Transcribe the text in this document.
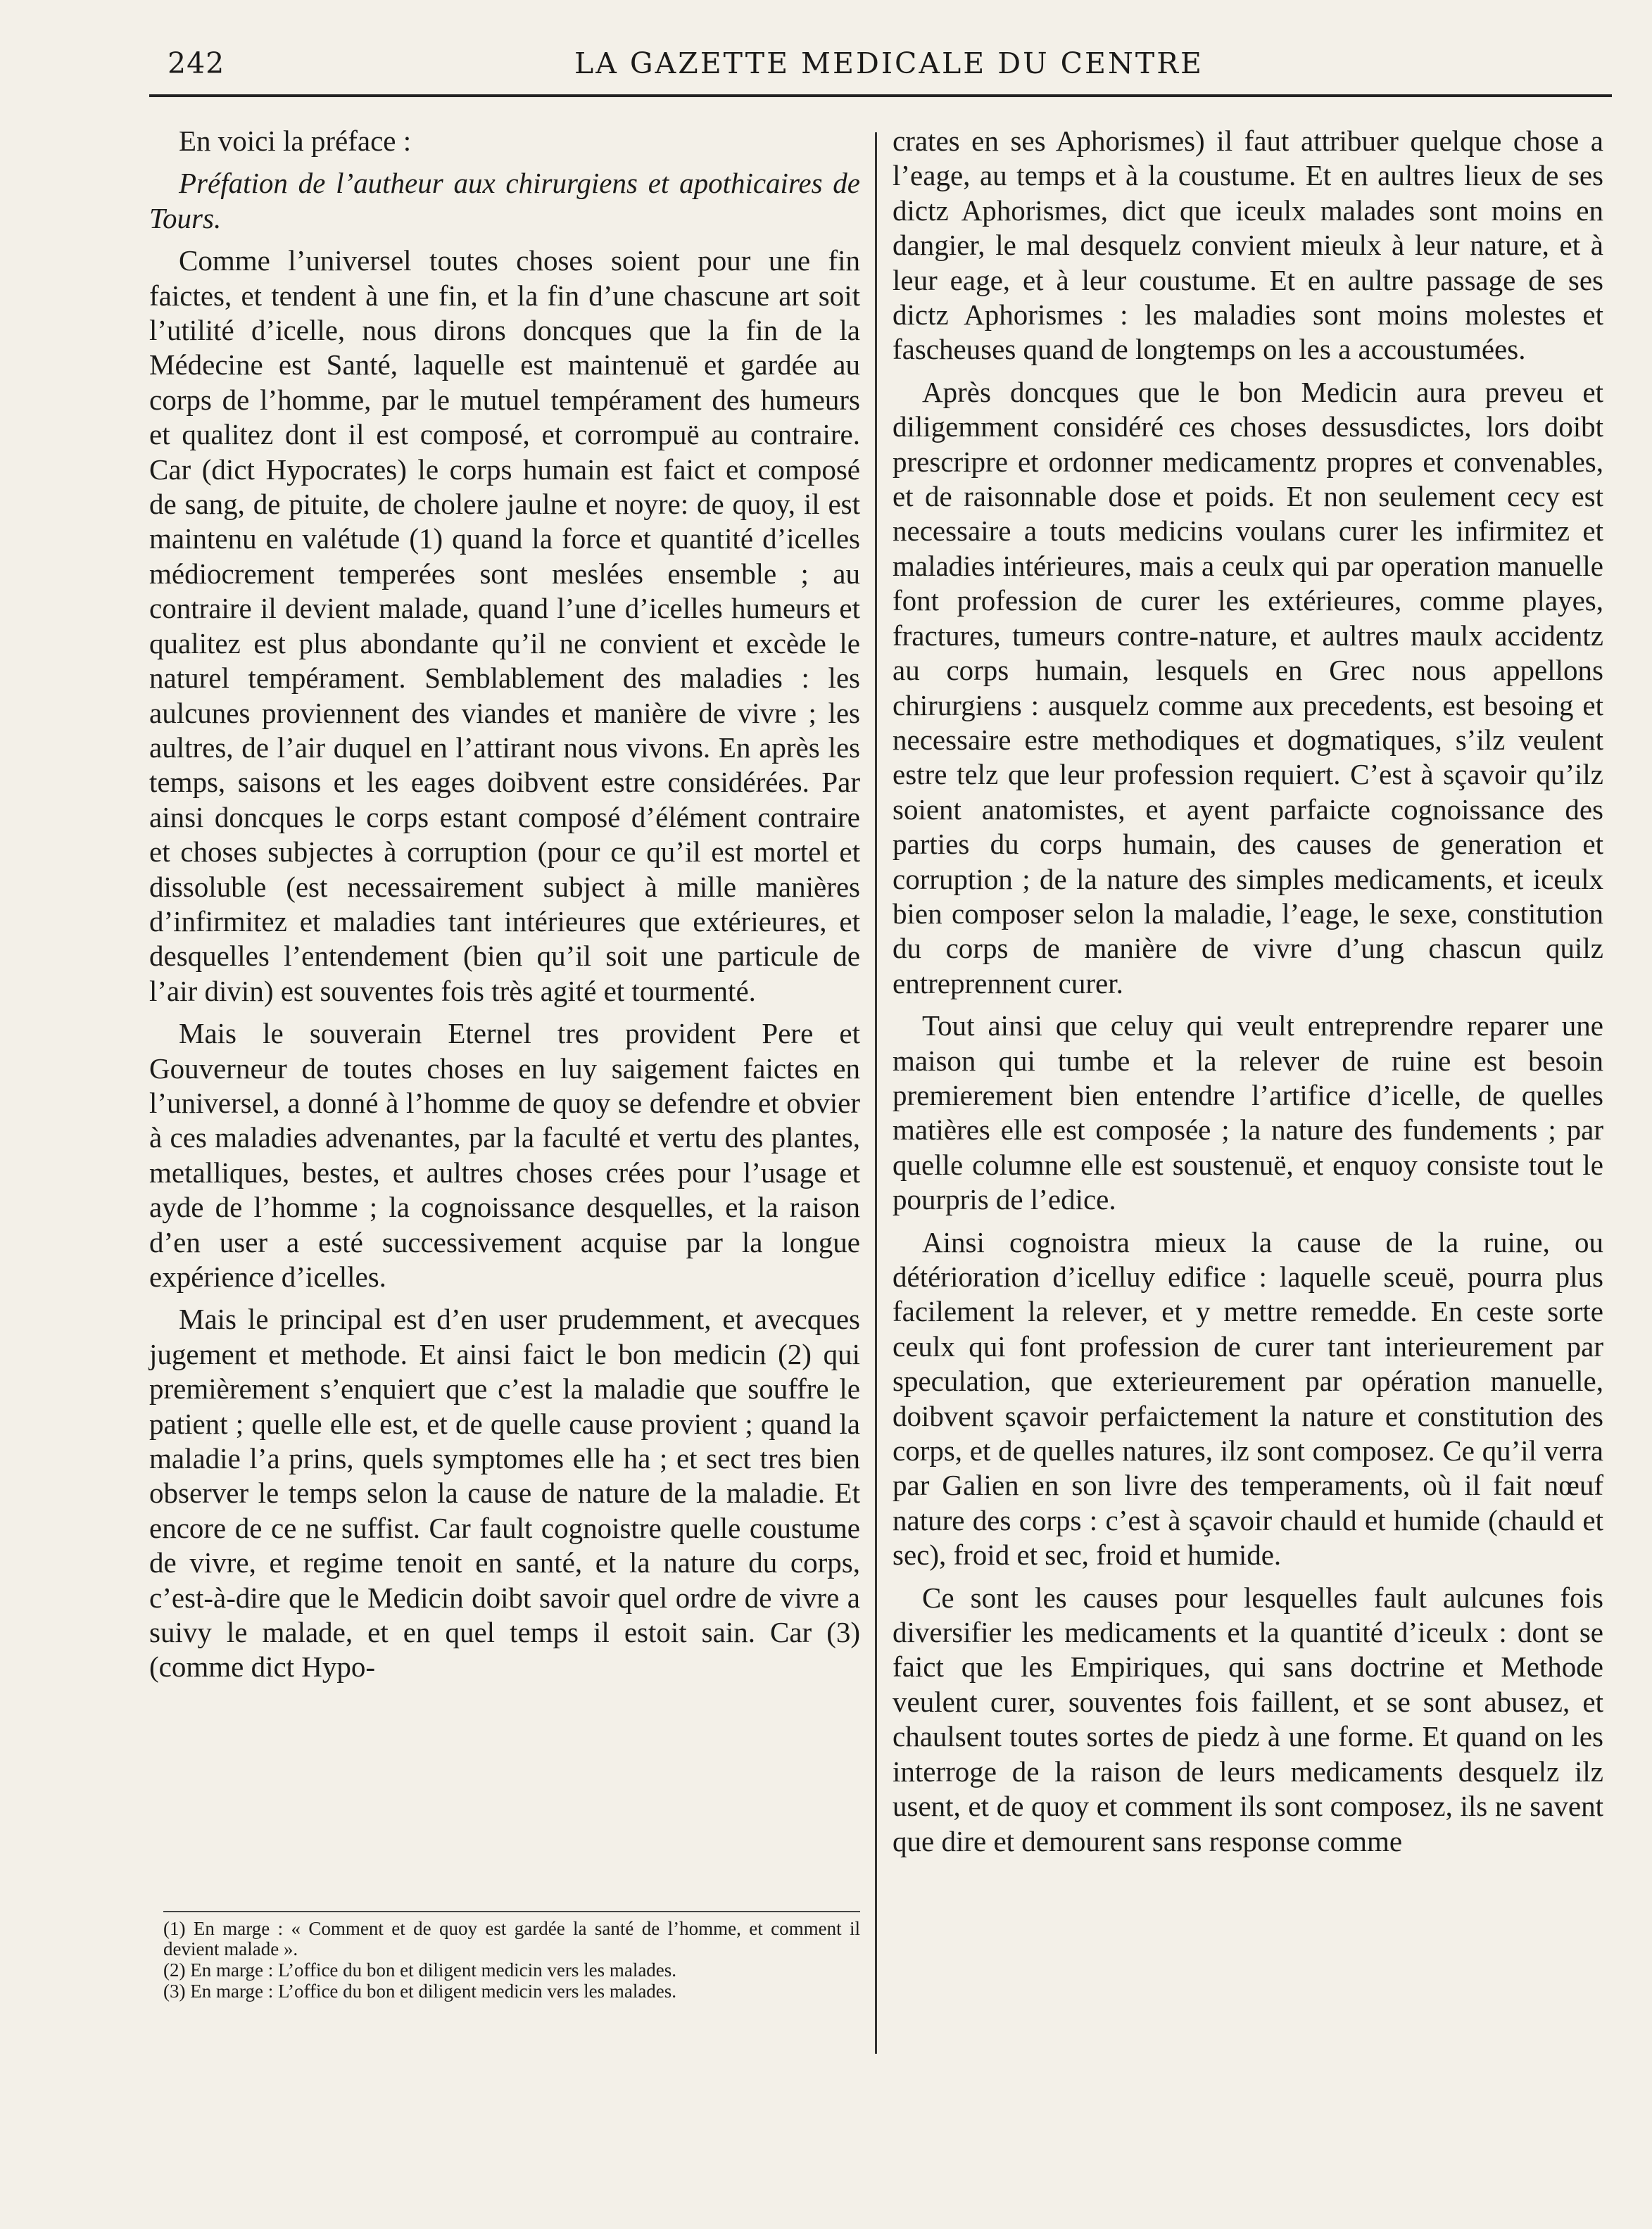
242	LA GAZETTE MEDICALE DU CENTRE

En voici la préface :

Préfation de l’autheur aux chirurgiens et apothicaires de Tours.

Comme l’universel toutes choses soient pour une fin faictes, et tendent à une fin, et la fin d’une chascune art soit l’utilité d’icelle, nous dirons doncques que la fin de la Médecine est Santé, laquelle est maintenuë et gardée au corps de l’homme, par le mutuel tempérament des humeurs et qualitez dont il est composé, et corrompuë au contraire. Car (dict Hypocrates) le corps humain est faict et composé de sang, de pituite, de cholere jaulne et noyre: de quoy, il est maintenu en valétude (1) quand la force et quantité d’icelles médiocrement temperées sont meslées ensemble ; au contraire il devient malade, quand l’une d’icelles humeurs et qualitez est plus abondante qu’il ne convient et excède le naturel tempérament. Semblablement des maladies : les aulcunes proviennent des viandes et manière de vivre ; les aultres, de l’air duquel en l’attirant nous vivons. En après les temps, saisons et les eages doibvent estre considérées. Par ainsi doncques le corps estant composé d’élément contraire et choses subjectes à corruption (pour ce qu’il est mortel et dissoluble (est necessairement subject à mille manières d’infirmitez et maladies tant intérieures que extérieures, et desquelles l’entendement (bien qu’il soit une particule de l’air divin) est souventes fois très agité et tourmenté.

Mais le souverain Eternel tres provident Pere et Gouverneur de toutes choses en luy saigement faictes en l’universel, a donné à l’homme de quoy se defendre et obvier à ces maladies advenantes, par la faculté et vertu des plantes, metalliques, bestes, et aultres choses crées pour l’usage et ayde de l’homme ; la cognoissance desquelles, et la raison d’en user a esté successivement acquise par la longue expérience d’icelles.

Mais le principal est d’en user prudemment, et avecques jugement et methode. Et ainsi faict le bon medicin (2) qui premièrement s’enquiert que c’est la maladie que souffre le patient ; quelle elle est, et de quelle cause provient ; quand la maladie l’a prins, quels symptomes elle ha ; et sect tres bien observer le temps selon la cause de nature de la maladie. Et encore de ce ne suffist. Car fault cognoistre quelle coustume de vivre, et regime tenoit en santé, et la nature du corps, c’est-à-dire que le Medicin doibt savoir quel ordre de vivre a suivy le malade, et en quel temps il estoit sain. Car (3) (comme dict Hypo-

crates en ses Aphorismes) il faut attribuer quelque chose a l’eage, au temps et à la coustume. Et en aultres lieux de ses dictz Aphorismes, dict que iceulx malades sont moins en dangier, le mal desquelz convient mieulx à leur nature, et à leur eage, et à leur coustume. Et en aultre passage de ses dictz Aphorismes : les maladies sont moins molestes et fascheuses quand de longtemps on les a accoustumées.

Après doncques que le bon Medicin aura preveu et diligemment considéré ces choses dessusdictes, lors doibt prescripre et ordonner medicamentz propres et convenables, et de raisonnable dose et poids. Et non seulement cecy est necessaire a touts medicins voulans curer les infirmitez et maladies intérieures, mais a ceulx qui par operation manuelle font profession de curer les extérieures, comme playes, fractures, tumeurs contre-nature, et aultres maulx accidentz au corps humain, lesquels en Grec nous appellons chirurgiens : ausquelz comme aux precedents, est besoing et necessaire estre methodiques et dogmatiques, s’ilz veulent estre telz que leur profession requiert. C’est à sçavoir qu’ilz soient anatomistes, et ayent parfaicte cognoissance des parties du corps humain, des causes de generation et corruption ; de la nature des simples medicaments, et iceulx bien composer selon la maladie, l’eage, le sexe, constitution du corps de manière de vivre d’ung chascun quilz entreprennent curer.

Tout ainsi que celuy qui veult entreprendre reparer une maison qui tumbe et la relever de ruine est besoin premierement bien entendre l’artifice d’icelle, de quelles matières elle est composée ; la nature des fundements ; par quelle columne elle est soustenuë, et enquoy consiste tout le pourpris de l’edice.

Ainsi cognoistra mieux la cause de la ruine, ou détérioration d’icelluy edifice : laquelle sceuë, pourra plus facilement la relever, et y mettre remedde. En ceste sorte ceulx qui font profession de curer tant interieurement par speculation, que exterieurement par opération manuelle, doibvent sçavoir perfaictement la nature et constitution des corps, et de quelles natures, ilz sont composez. Ce qu’il verra par Galien en son livre des temperaments, où il fait nœuf nature des corps : c’est à sçavoir chauld et humide (chauld et sec), froid et sec, froid et humide.

Ce sont les causes pour lesquelles fault aulcunes fois diversifier les medicaments et la quantité d’iceulx : dont se faict que les Empiriques, qui sans doctrine et Methode veulent curer, souventes fois faillent, et se sont abusez, et chaulsent toutes sortes de piedz à une forme. Et quand on les interroge de la raison de leurs medicaments desquelz ilz usent, et de quoy et comment ils sont composez, ils ne savent que dire et demourent sans response comme

(1) En marge : « Comment et de quoy est gardée la santé de l’homme, et comment il devient malade ».

(2) En marge : L’office du bon et diligent medicin vers les malades.

(3) En marge : L’office du bon et diligent medicin vers les malades.
